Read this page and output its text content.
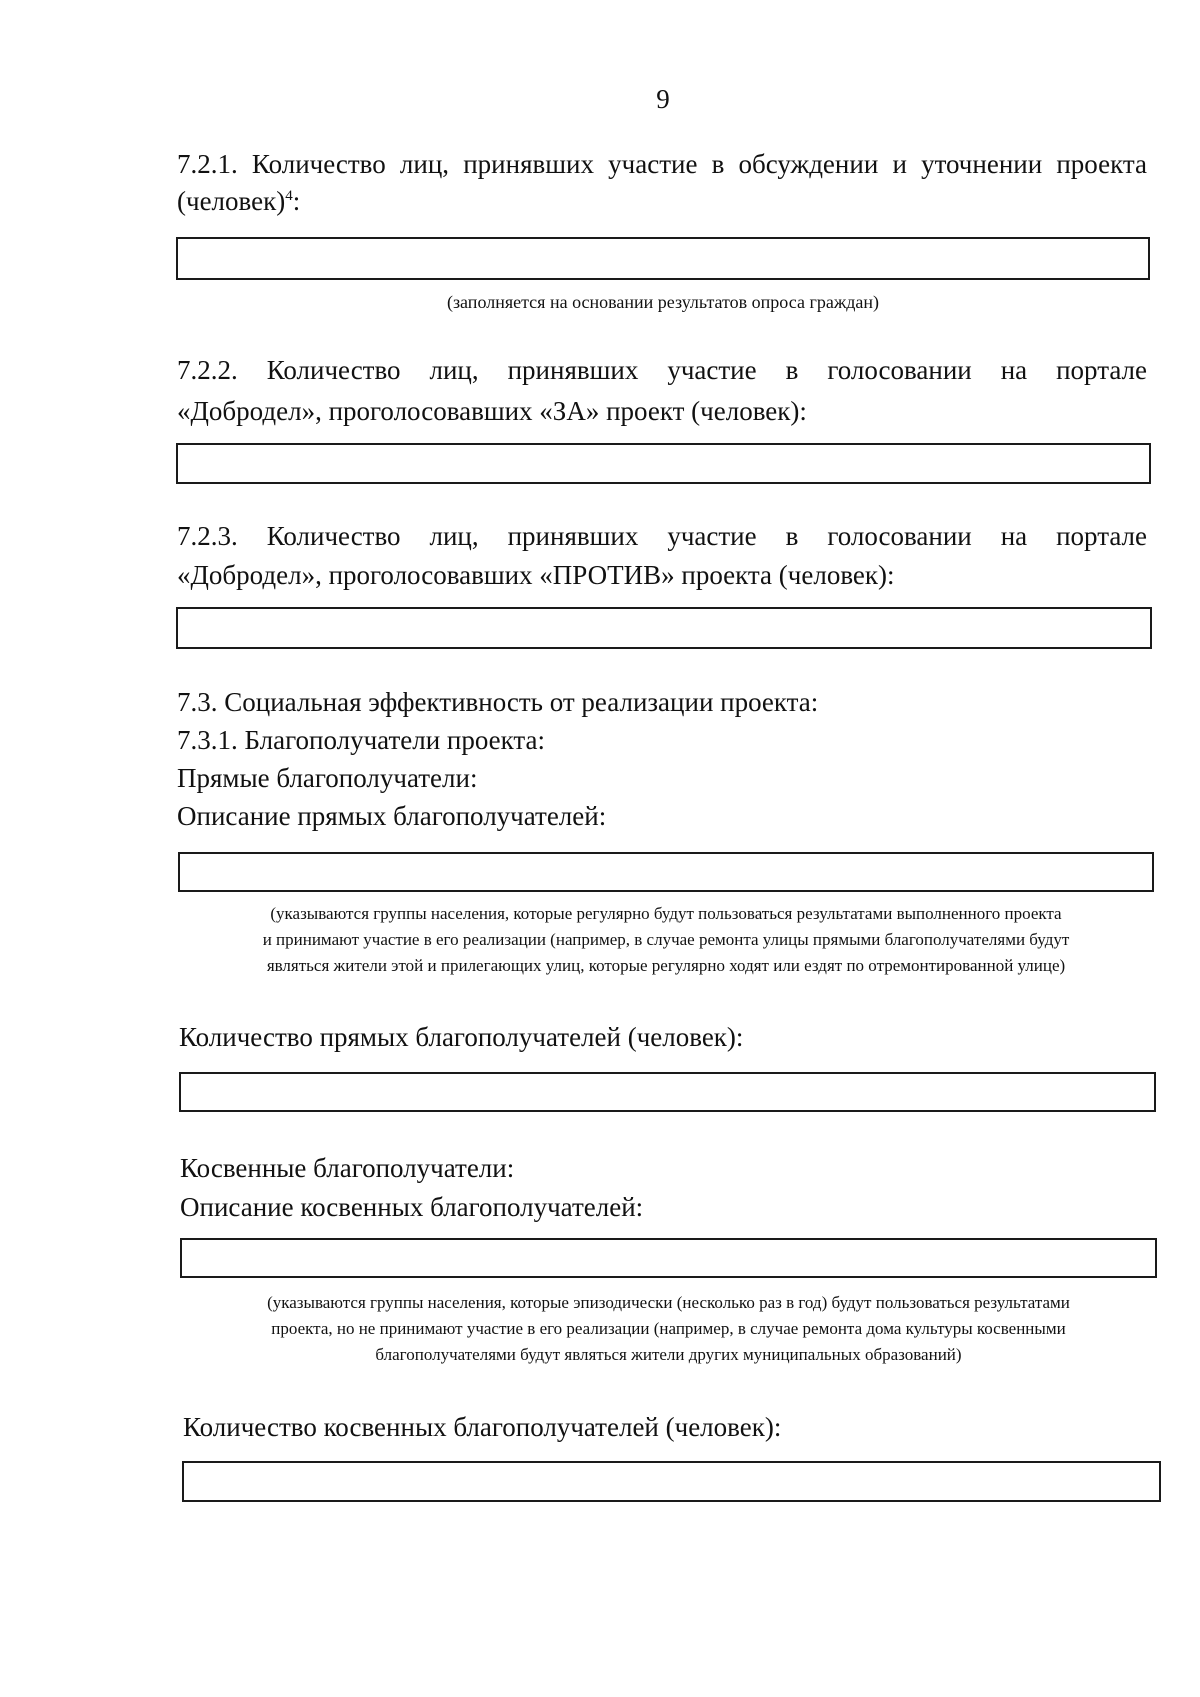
9
7.2.1. Количество лиц, принявших участие в обсуждении и уточнении проекта (человек)$^4$:
(заполняется на основании результатов опроса граждан)
7.2.2. Количество лиц, принявших участие в голосовании на портале
«Добродел», проголосовавших «ЗА» проект (человек):
7.2.3. Количество лиц, принявших участие в голосовании на портале
«Добродел», проголосовавших «ПРОТИВ» проекта (человек):
7.3. Социальная эффективность от реализации проекта:
7.3.1. Благополучатели проекта:
Прямые благополучатели:
Описание прямых благополучателей:
(указываются группы населения, которые регулярно будут пользоваться результатами выполненного проекта
и принимают участие в его реализации (например, в случае ремонта улицы прямыми благополучателями будут
являться жители этой и прилегающих улиц, которые регулярно ходят или ездят по отремонтированной улице)
Количество прямых благополучателей (человек):
Косвенные благополучатели:
Описание косвенных благополучателей:
(указываются группы населения, которые эпизодически (несколько раз в год) будут пользоваться результатами
проекта, но не принимают участие в его реализации (например, в случае ремонта дома культуры косвенными
благополучателями будут являться жители других муниципальных образований)
Количество косвенных благополучателей (человек):
